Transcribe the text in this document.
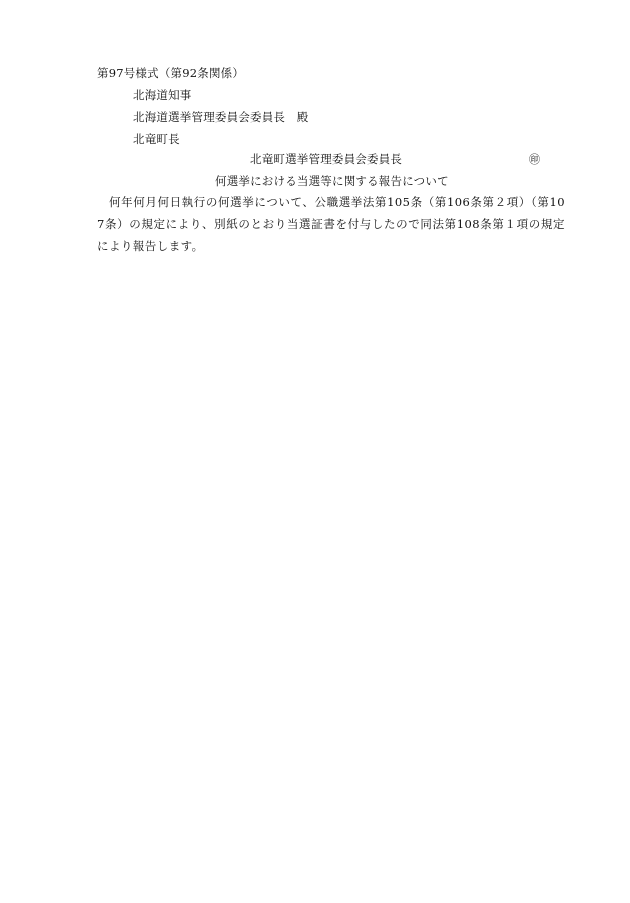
第97号様式（第92条関係）
北海道知事
北海道選挙管理委員会委員長　殿
北竜町長
北竜町選挙管理委員会委員長	㊞
何選挙における当選等に関する報告について
何年何月何日執行の何選挙について、公職選挙法第105条（第106条第２項）（第107条）の規定により、別紙のとおり当選証書を付与したので同法第108条第１項の規定により報告します。
